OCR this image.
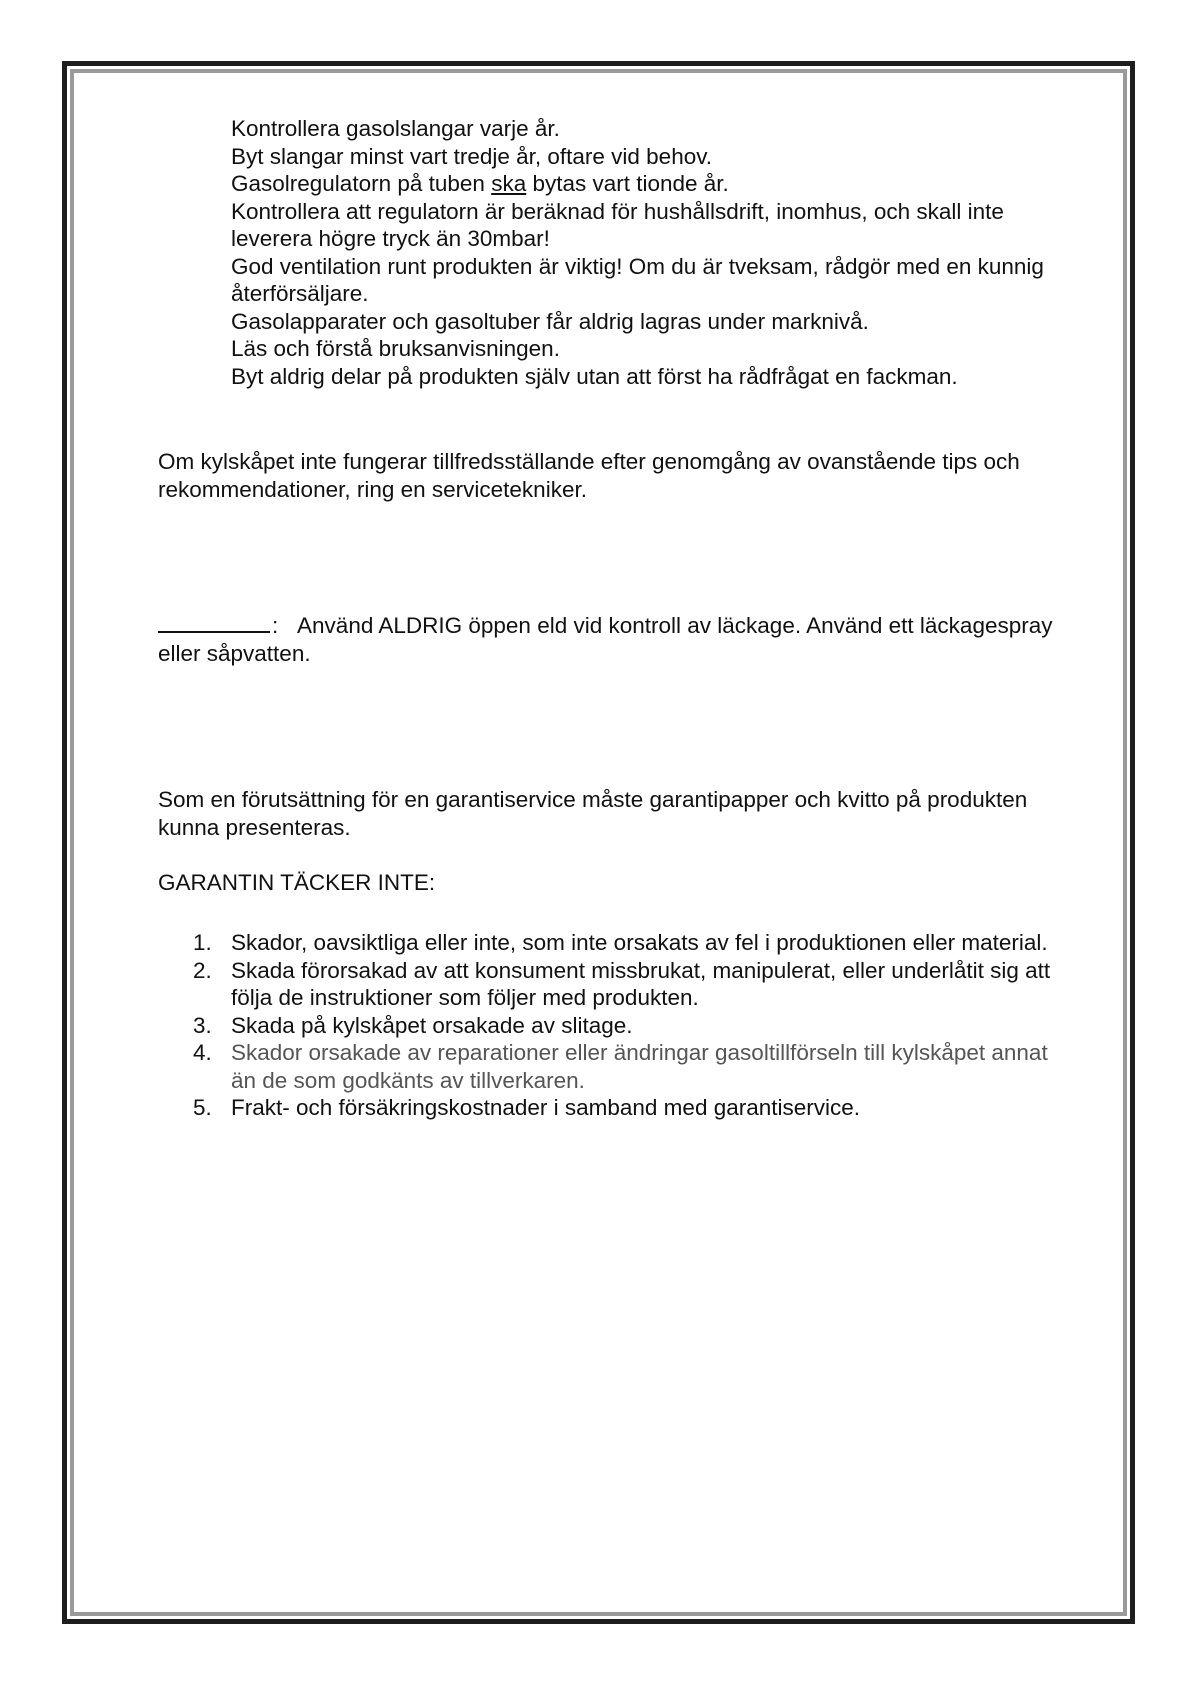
Kontrollera gasolslangar varje år.

Byt slangar minst vart tredje år, oftare vid behov.

Gasolregulatorn på tuben ska bytas vart tionde år.

Kontrollera att regulatorn är beräknad för hushållsdrift, inomhus, och skall inte leverera högre tryck än 30mbar!

God ventilation runt produkten är viktig! Om du är tveksam, rådgör med en kunnig återförsäljare.

Gasolapparater och gasoltuber får aldrig lagras under marknivå.

Läs och förstå bruksanvisningen.

Byt aldrig delar på produkten själv utan att först ha rådfrågat en fackman.

Om kylskåpet inte fungerar tillfredsställande efter genomgång av ovanstående tips och rekommendationer, ring en servicetekniker.

: Använd ALDRIG öppen eld vid kontroll av läckage. Använd ett läckagespray eller såpvatten.

Som en förutsättning för en garantiservice måste garantipapper och kvitto på produkten kunna presenteras.

GARANTIN TÄCKER INTE:

1. Skador, oavsiktliga eller inte, som inte orsakats av fel i produktionen eller material.
2. Skada förorsakad av att konsument missbrukat, manipulerat, eller underlåtit sig att följa de instruktioner som följer med produkten.
3. Skada på kylskåpet orsakade av slitage.
4. Skador orsakade av reparationer eller ändringar gasoltillförseln till kylskåpet annat än de som godkänts av tillverkaren.
5. Frakt- och försäkringskostnader i samband med garantiservice.
